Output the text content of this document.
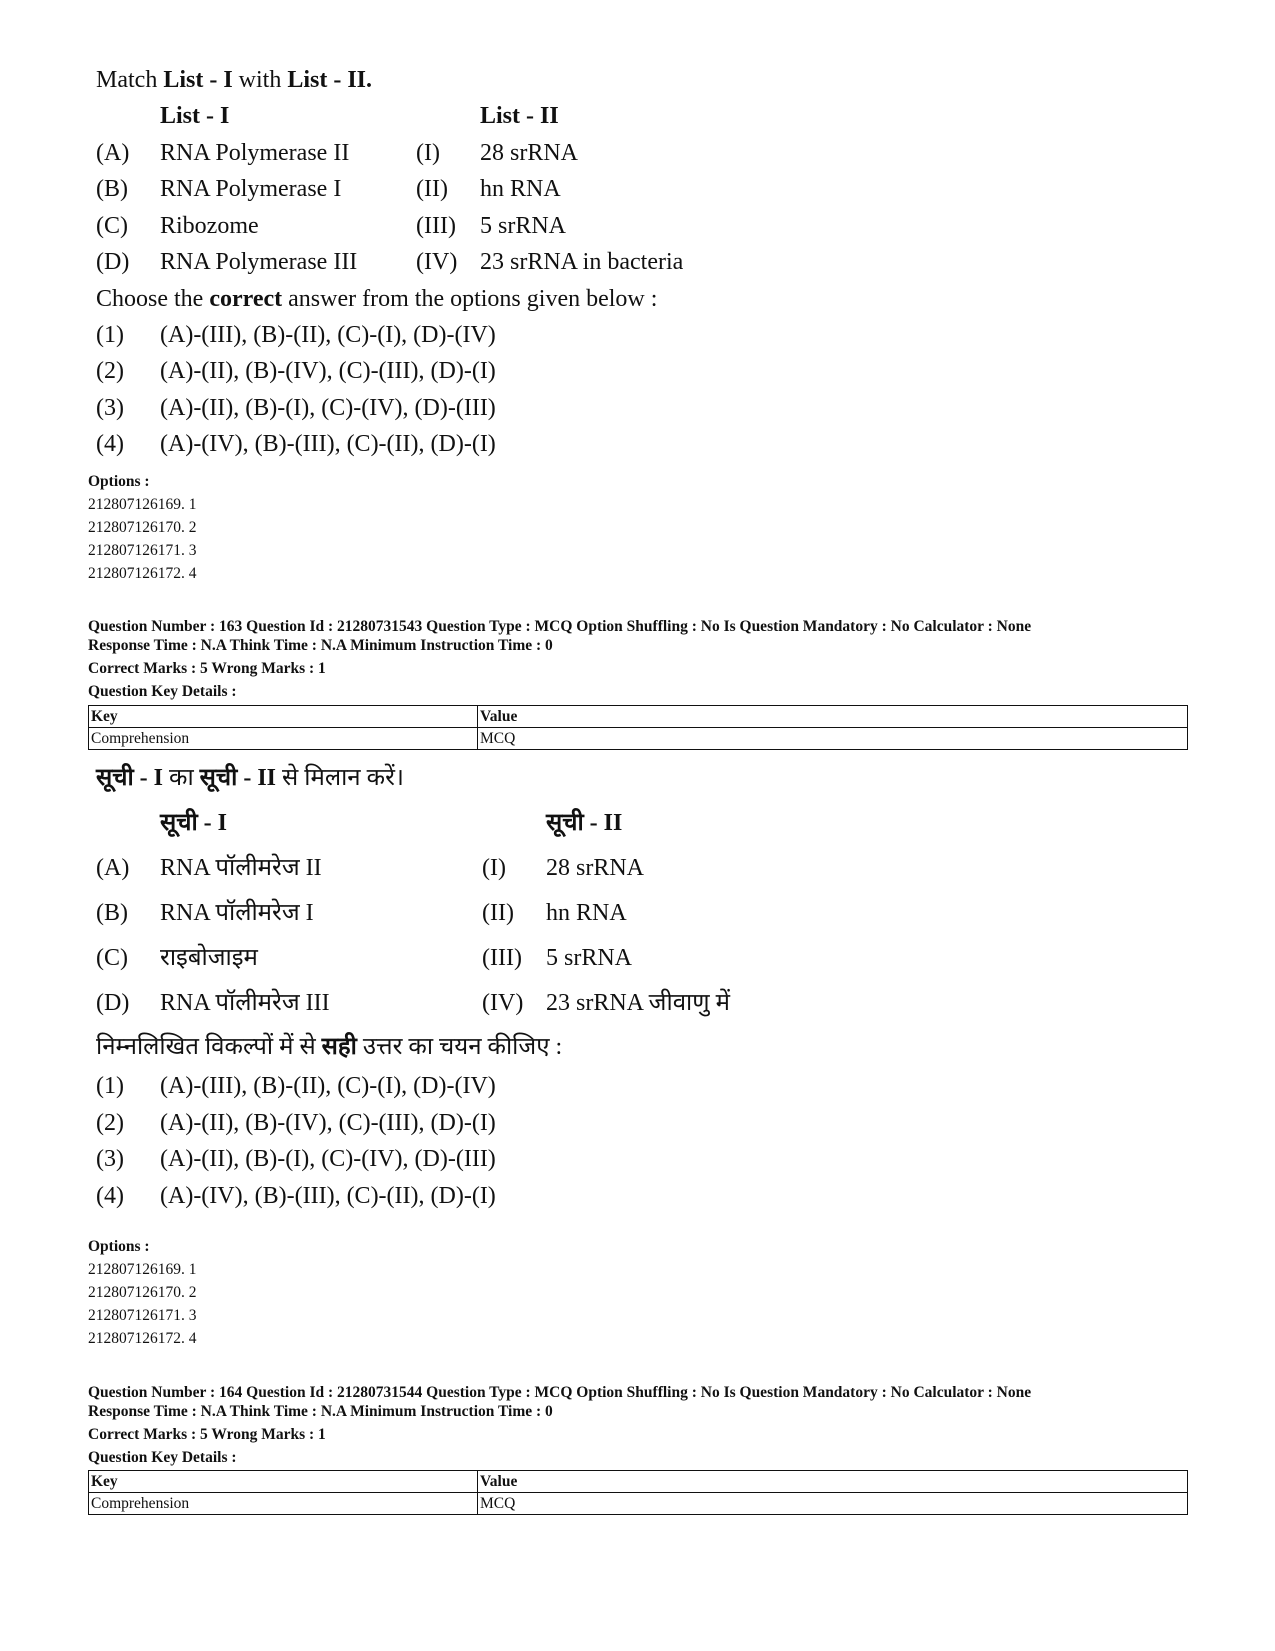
Match List - I with List - II.
List - I	List - II
(A)	RNA Polymerase II	(I)	28 srRNA
(B)	RNA Polymerase I	(II)	hn RNA
(C)	Ribozome	(III)	5 srRNA
(D)	RNA Polymerase III	(IV) 23 srRNA in bacteria
Choose the correct answer from the options given below :
(1)	(A)-(III), (B)-(II), (C)-(I), (D)-(IV)
(2)	(A)-(II), (B)-(IV), (C)-(III), (D)-(I)
(3)	(A)-(II), (B)-(I), (C)-(IV), (D)-(III)
(4)	(A)-(IV), (B)-(III), (C)-(II), (D)-(I)
Options :
212807126169. 1
212807126170. 2
212807126171. 3
212807126172. 4
Question Number : 163 Question Id : 21280731543 Question Type : MCQ Option Shuffling : No Is Question Mandatory : No Calculator : None
Response Time : N.A Think Time : N.A Minimum Instruction Time : 0
Correct Marks : 5 Wrong Marks : 1
Question Key Details :
Key	Value
Comprehension	MCQ
सूची - I का सूची - II से मिलान करें।
सूची - I	सूची - II
(A)	RNA पॉलीमरेज II	(I)	28 srRNA
(B)	RNA पॉलीमरेज I	(II)	hn RNA
(C)	राइबोजाइम	(III)	5 srRNA
(D)	RNA पॉलीमरेज III	(IV) 23 srRNA जीवाणु में
निम्नलिखित विकल्पों में से सही उत्तर का चयन कीजिए :
(1)	(A)-(III), (B)-(II), (C)-(I), (D)-(IV)
(2)	(A)-(II), (B)-(IV), (C)-(III), (D)-(I)
(3)	(A)-(II), (B)-(I), (C)-(IV), (D)-(III)
(4)	(A)-(IV), (B)-(III), (C)-(II), (D)-(I)
Options :
212807126169. 1
212807126170. 2
212807126171. 3
212807126172. 4
Question Number : 164 Question Id : 21280731544 Question Type : MCQ Option Shuffling : No Is Question Mandatory : No Calculator : None
Response Time : N.A Think Time : N.A Minimum Instruction Time : 0
Correct Marks : 5 Wrong Marks : 1
Question Key Details :
Key	Value
Comprehension	MCQ
